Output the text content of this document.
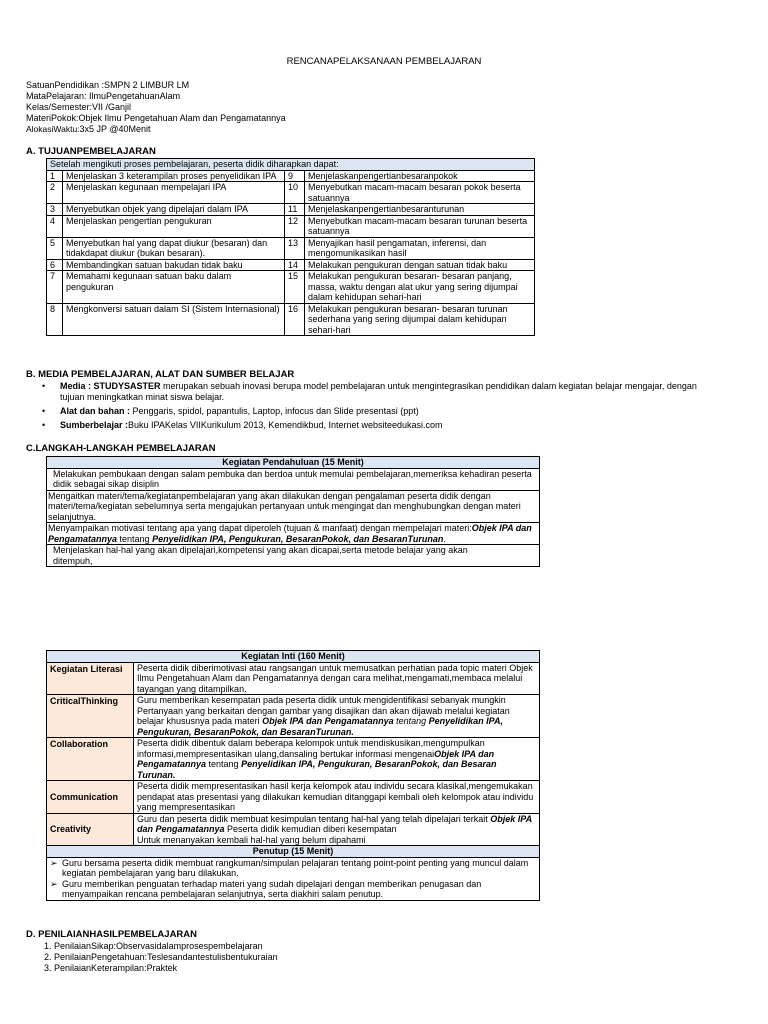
RENCANAPELAKSANAAN PEMBELAJARAN
SatuanPendidikan :SMPN 2 LIMBUR LM
MataPelajaran: IlmuPengetahuanAlam
Kelas/Semester:VII /Ganjil
MateriPokok:Objek Ilmu Pengetahuan Alam dan Pengamatannya
AlokasiWaktu:3x5 JP @40Menit
A. TUJUANPEMBELAJARAN
Setelah mengikuti proses pembelajaran, peserta didik diharapkan dapat:			
1	Menjelaskan 3 keterampilan proses penyelidikan IPA	9	Menjelaskanpengertianbesaranpokok
2	Menjelaskan kegunaan mempelajari IPA	10	Menyebutkan macam-macam besaran pokok beserta satuannya
3	Menyebutkan objek yang dipelajari dalam IPA	11	Menjelaskanpengertianbesaranturunan
4	Menjelaskan pengertian pengukuran	12	Menyebutkan macam-macam besaran turunan beserta satuannya
5	Menyebutkan hal yang dapat diukur (besaran) dan tidakdapat diukur (bukan besaran).	13	Menyajikan hasil pengamatan, inferensi, dan mengomunikasikan hasil
6	Membandingkan satuan bakudan tidak baku	14	Melakukan pengukuran dengan satuan tidak baku
7	Memahami kegunaan satuan baku dalam pengukuran	15	Melakukan pengukuran besaran- besaran panjang, massa, waktu dengan alat ukur yang sering dijumpai dalam kehidupan sehari-hari
8	Mengkonversi satuan dalam SI (Sistem Internasional)	16	Melakukan pengukuran besaran- besaran turunan sederhana yang sering dijumpai dalam kehidupan sehari-hari
B. MEDIA PEMBELAJARAN, ALAT DAN SUMBER BELAJAR
• Media : STUDYSASTER merupakan sebuah inovasi berupa model pembelajaran untuk mengintegrasikan pendidikan dalam kegiatan belajar mengajar, dengan
tujuan meningkatkan minat siswa belajar.
• Alat dan bahan : Penggaris, spidol, papantulis, Laptop, infocus dan Slide presentasi (ppt)
• Sumberbelajar :Buku IPAKelas VIIKurikulum 2013, Kemendikbud, Internet websiteedukasi.com
C.LANGKAH-LANGKAH PEMBELAJARAN
Kegiatan Pendahuluan (15 Menit)
Melakukan pembukaan dengan salam pembuka dan berdoa untuk memulai pembelajaran,memeriksa kehadiran peserta didik sebagai sikap disiplin
Mengaitkan materi/tema/kegiatanpembelajaran yang akan dilakukan dengan pengalaman peserta didik dengan materi/tema/kegiatan sebelumnya serta mengajukan pertanyaan untuk mengingat dan menghubungkan dengan materi selanjutnya.
Menyampaikan motivasi tentang apa yang dapat diperoleh (tujuan & manfaat) dengan mempelajari materi:Objek IPA dan Pengamatannya tentang Penyelidikan IPA, Pengukuran, BesaranPokok, dan BesaranTurunan.
Menjelaskan hal-hal yang akan dipelajari,kompetensi yang akan dicapai,serta metode belajar yang akan ditempuh,
Kegiatan Inti (160 Menit)	
Kegiatan Literasi	Peserta didik diberimotivasi atau rangsangan untuk memusatkan perhatian pada topic materi Objek Ilmu Pengetahuan Alam dan Pengamatannya dengan cara melihat,mengamati,membaca melalui tayangan yang ditampilkan.
CriticalThinking	Guru memberikan kesempatan pada peserta didik untuk mengidentifikasi sebanyak mungkin Pertanyaan yang berkaitan dengan gambar yang disajikan dan akan dijawab melalui kegiatan belajar khususnya pada materi Objek IPA dan Pengamatannya tentang Penyelidikan IPA, Pengukuran, BesaranPokok, dan BesaranTurunan.
Collaboration	Peserta didik dibentuk dalam beberapa kelompok untuk mendiskusikan,mengumpulkan informasi,mempresentasikan ulang,dansaling bertukar informasi mengenaiObjek IPA dan Pengamatannya tentang Penyelidikan IPA, Pengukuran, BesaranPokok, dan Besaran Turunan.
Communication	Peserta didik mempresentasikan hasil kerja kelompok atau individu secara klasikal,mengemukakan pendapat atas presentasi yang dilakukan kemudian ditanggapi kembali oleh kelompok atau individu yang mempresentasikan
Creativity	Guru dan peserta didik membuat kesimpulan tentang hal-hal yang telah dipelajari terkait Objek IPA dan Pengamatannya Peserta didik kemudian diberi kesempatan
Untuk menanyakan kembali hal-hal yang belum dipahami
Penutup (15 Menit)	

➢ Guru bersama peserta didik membuat rangkuman/simpulan pelajaran tentang point-point penting yang muncul dalam kegiatan pembelajaran yang baru dilakukan.
➢ Guru memberikan penguatan terhadap materi yang sudah dipelajari dengan memberikan penugasan dan menyampaikan rencana pembelajaran selanjutnya, serta diakhiri salam penutup.	
D. PENILAIANHASILPEMBELAJARAN
1. PenilaianSikap:Observasidalamprosespembelajaran
2. PenilaianPengetahuan:Teslesandantestulisbentukuraian
3. PenilaianKeterampilan:Praktek
